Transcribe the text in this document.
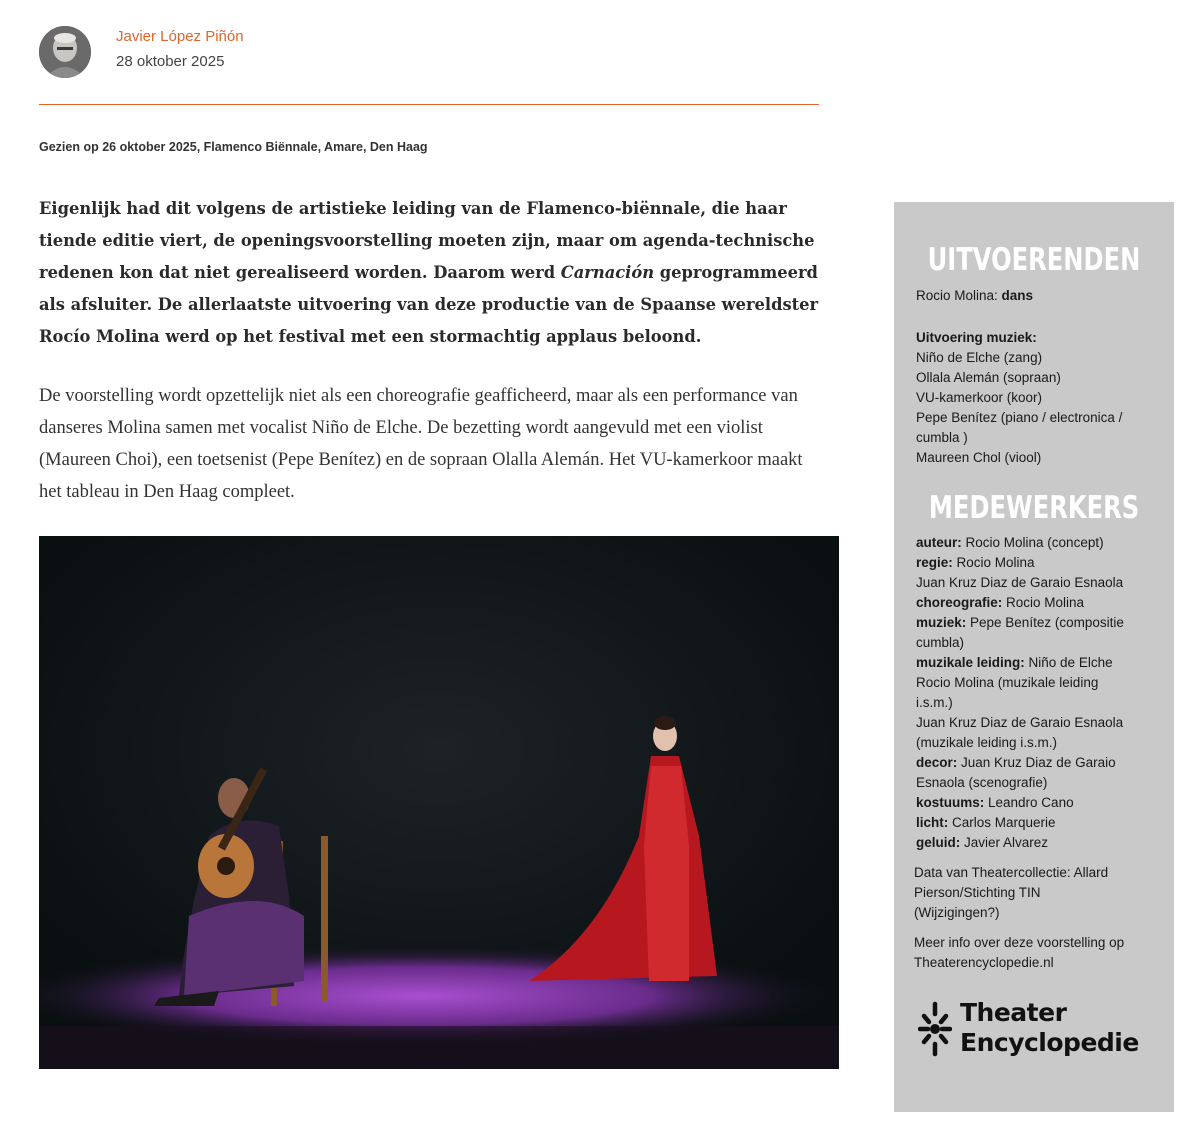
Javier López Piñón
28 oktober 2025
Gezien op 26 oktober 2025, Flamenco Biënnale, Amare, Den Haag
Eigenlijk had dit volgens de artistieke leiding van de Flamenco-biënnale, die haar tiende editie viert, de openingsvoorstelling moeten zijn, maar om agenda-technische redenen kon dat niet gerealiseerd worden. Daarom werd Carnación geprogrammeerd als afsluiter. De allerlaatste uitvoering van deze productie van de Spaanse wereldster Rocío Molina werd op het festival met een stormachtig applaus beloond.
De voorstelling wordt opzettelijk niet als een choreografie geafficheerd, maar als een performance van danseres Molina samen met vocalist Niño de Elche. De bezetting wordt aangevuld met een violist (Maureen Choi), een toetsenist (Pepe Benítez) en de sopraan Olalla Alemán. Het VU-kamerkoor maakt het tableau in Den Haag compleet.
UITVOERENDEN
Rocio Molina: dans
Uitvoering muziek:
Niño de Elche (zang)
Ollala Alemán (sopraan)
VU-kamerkoor (koor)
Pepe Benítez (piano / electronica /
cumbla )
Maureen Chol (viool)
MEDEWERKERS
auteur: Rocio Molina (concept)
regie: Rocio Molina
Juan Kruz Diaz de Garaio Esnaola
choreografie: Rocio Molina
muziek: Pepe Benítez (compositie
cumbla)
muzikale leiding: Niño de Elche
Rocio Molina (muzikale leiding
i.s.m.)
Juan Kruz Diaz de Garaio Esnaola
(muzikale leiding i.s.m.)
decor: Juan Kruz Diaz de Garaio
Esnaola (scenografie)
kostuums: Leandro Cano
licht: Carlos Marquerie
geluid: Javier Alvarez
Data van Theatercollectie: Allard
Pierson/Stichting TIN
(Wijzigingen?)
Meer info over deze voorstelling op
Theaterencyclopedie.nl
Theater
Encyclopedie
